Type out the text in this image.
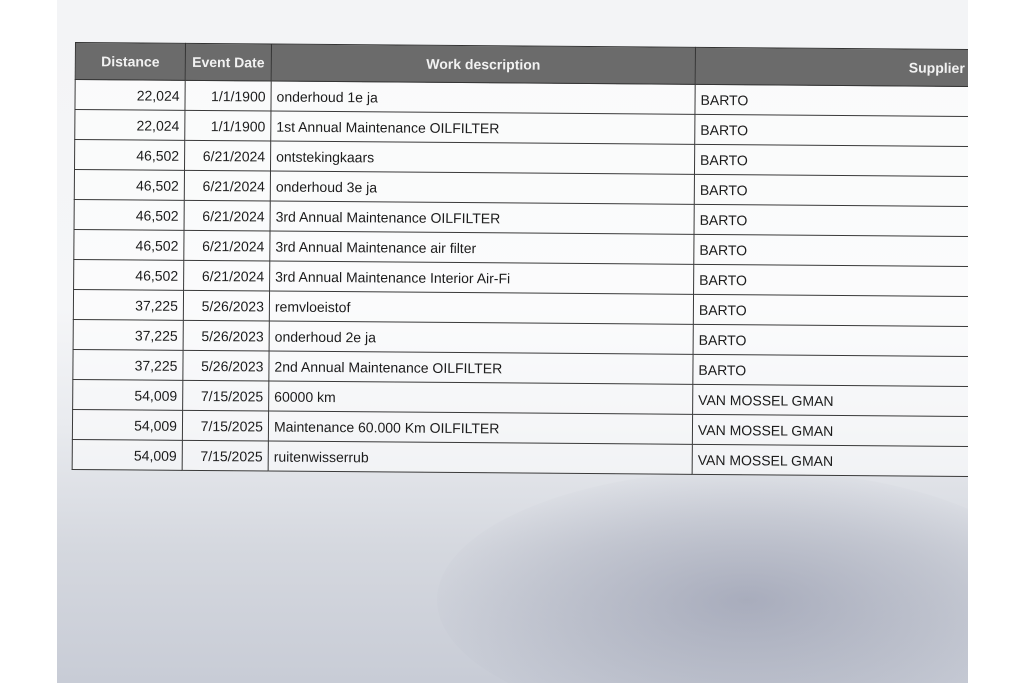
Distance	Event Date	Work description	Supplier
22,024	1/1/1900	onderhoud 1e ja	BARTO
22,024	1/1/1900	1st Annual Maintenance OILFILTER	BARTO
46,502	6/21/2024	ontstekingkaars	BARTO
46,502	6/21/2024	onderhoud 3e ja	BARTO
46,502	6/21/2024	3rd Annual Maintenance OILFILTER	BARTO
46,502	6/21/2024	3rd Annual Maintenance air filter	BARTO
46,502	6/21/2024	3rd Annual Maintenance Interior Air-Fi	BARTO
37,225	5/26/2023	remvloeistof	BARTO
37,225	5/26/2023	onderhoud 2e ja	BARTO
37,225	5/26/2023	2nd Annual Maintenance OILFILTER	BARTO
54,009	7/15/2025	60000 km	VAN MOSSEL GMAN
54,009	7/15/2025	Maintenance 60.000 Km OILFILTER	VAN MOSSEL GMAN
54,009	7/15/2025	ruitenwisserrub	VAN MOSSEL GMAN
